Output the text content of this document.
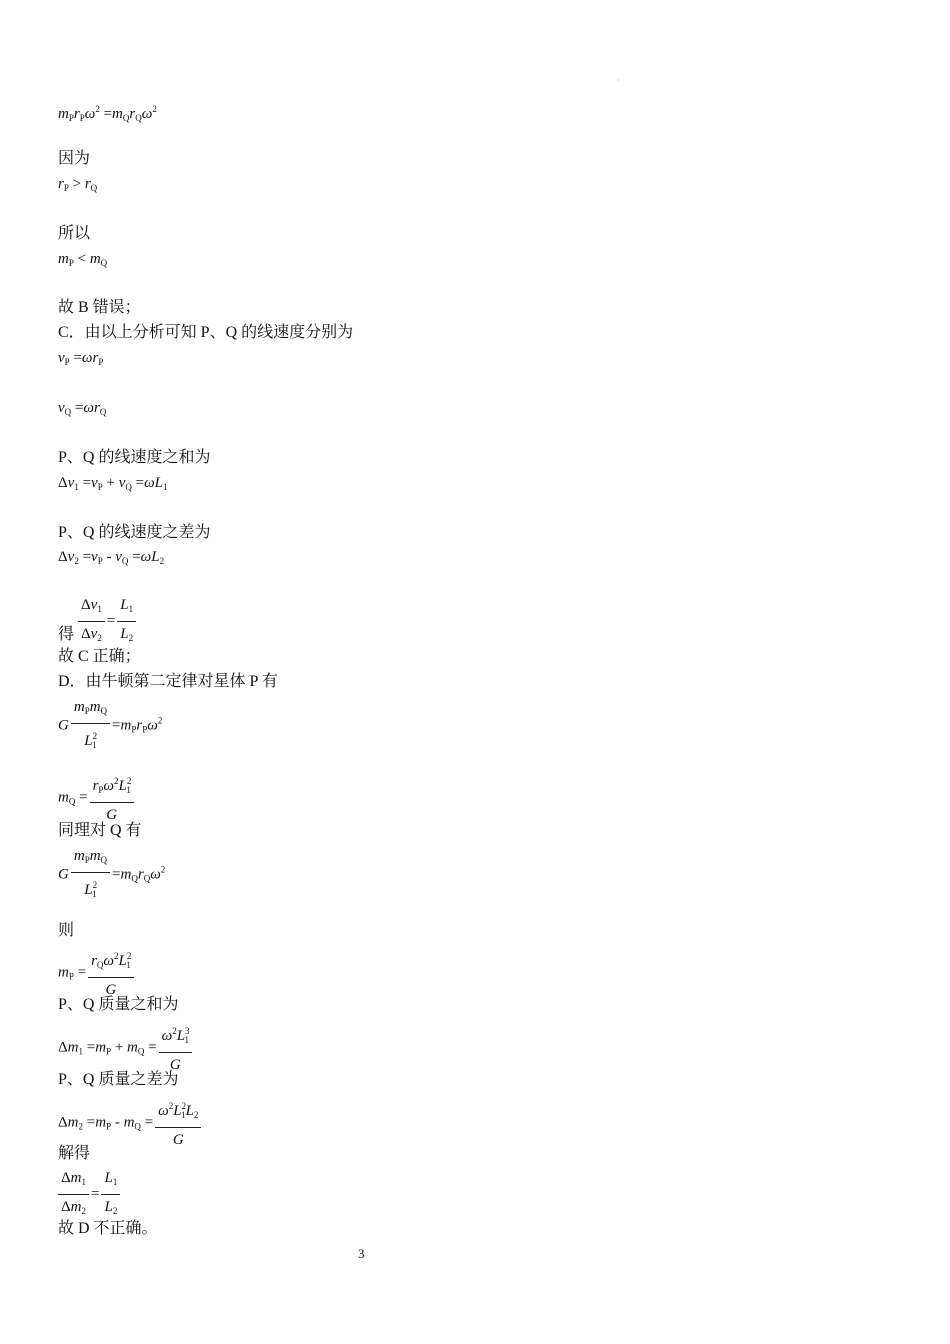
$m_Pr_P\omega^2 =m_Qr_Q\omega^2$
因为
$r_P > r_Q$
所以
$m_P < m_Q$
故 B 错误；
C．由以上分析可知 P、Q 的线速度分别为
$v_P =\omega r_P$
$v_Q =\omega r_Q$
P、Q 的线速度之和为
$\Delta v_1 =v_P + v_Q =\omega L_1$
P、Q 的线速度之差为
$\Delta v_2 =v_P - v_Q =\omega L_2$
$\frac{\Delta v_1}{\Delta v_2} = \frac{L_1}{L_2}$
得
故 C 正确；
D．由牛顿第二定律对星体 P 有
G $\frac{m_Pm_Q}{L^2_1} =m_Pr_P\omega^2$
$m_Q = \frac{r_P\omega^2L^2_1}{G}$
同理对 Q 有
G $\frac{m_Pm_Q}{L^2_1} =m_Qr_Q\omega^2$
则
$m_P = \frac{r_Q\omega^2L^2_1}{G}$
P、Q 质量之和为
$\Delta m_1 =m_P + m_Q = \frac{\omega^2L^3_1}{G}$
P、Q 质量之差为
$\Delta m_2 =m_P - m_Q = \frac{\omega^2L^2_1L_2}{G}$
解得
$\frac{\Delta m_1}{\Delta m_2} = \frac{L_1}{L_2}$
故 D 不正确。
·
3
